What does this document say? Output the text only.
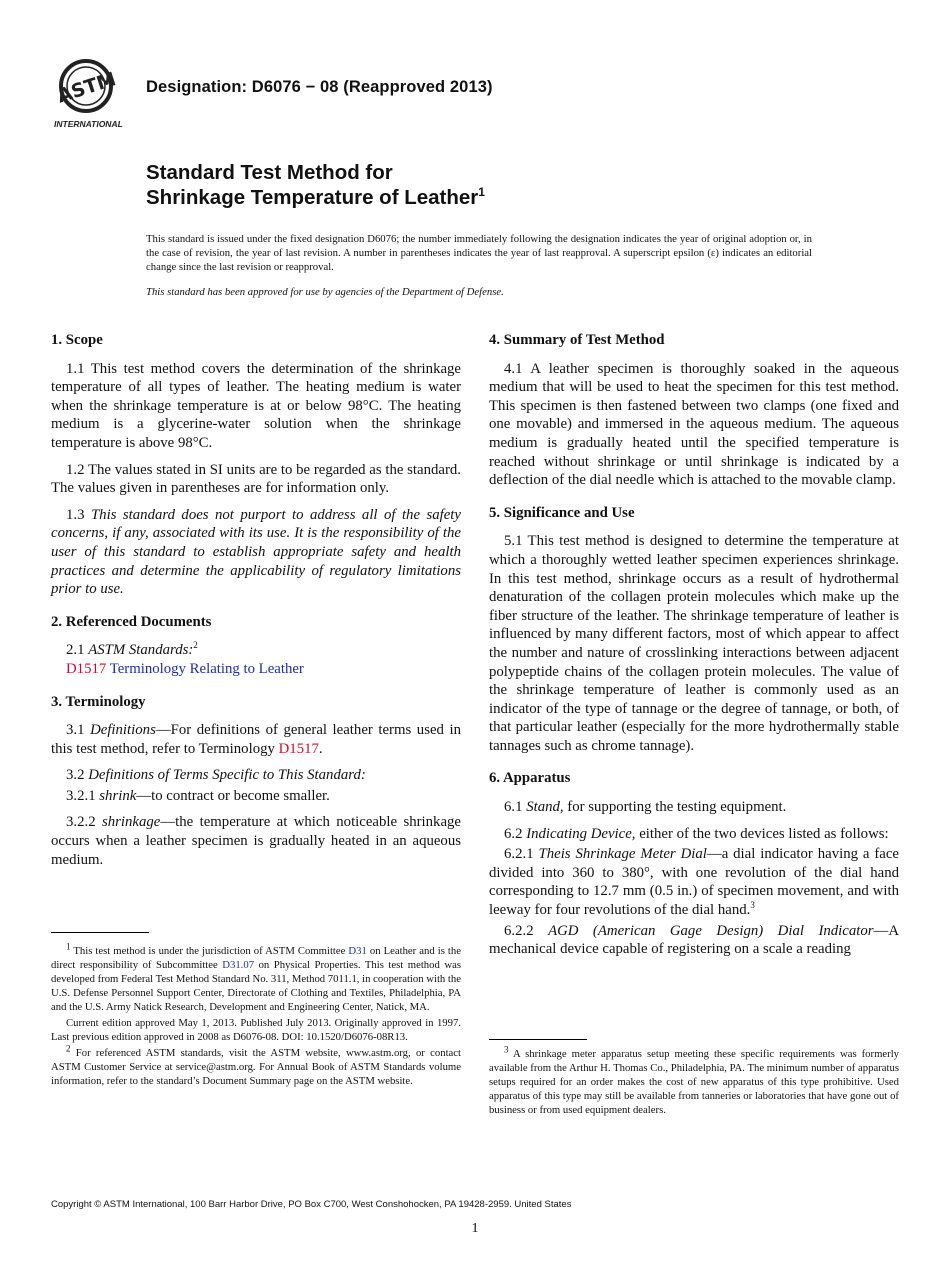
ASTM
INTERNATIONAL
Designation: D6076 − 08 (Reapproved 2013)
Standard Test Method for
Shrinkage Temperature of Leather$^1$
This standard is issued under the fixed designation D6076; the number immediately following the designation indicates the year of original adoption or, in the case of revision, the year of last revision. A number in parentheses indicates the year of last reapproval. A superscript epsilon (ε) indicates an editorial change since the last revision or reapproval.
This standard has been approved for use by agencies of the Department of Defense.
1. Scope

1.1 This test method covers the determination of the shrinkage temperature of all types of leather. The heating medium is water when the shrinkage temperature is at or below 98°C. The heating medium is a glycerine-water solution when the shrinkage temperature is above 98°C.

1.2 The values stated in SI units are to be regarded as the standard. The values given in parentheses are for information only.

1.3 This standard does not purport to address all of the safety concerns, if any, associated with its use. It is the responsibility of the user of this standard to establish appropriate safety and health practices and determine the applicability of regulatory limitations prior to use.

2. Referenced Documents

2.1 ASTM Standards:$^2$

D1517 Terminology Relating to Leather

3. Terminology

3.1 Definitions—For definitions of general leather terms used in this test method, refer to Terminology D1517.

3.2 Definitions of Terms Specific to This Standard:

3.2.1 shrink—to contract or become smaller.

3.2.2 shrinkage—the temperature at which noticeable shrinkage occurs when a leather specimen is gradually heated in an aqueous medium.

4. Summary of Test Method

4.1 A leather specimen is thoroughly soaked in the aqueous medium that will be used to heat the specimen for this test method. This specimen is then fastened between two clamps (one fixed and one movable) and immersed in the aqueous medium. The aqueous medium is gradually heated until the specified temperature is reached without shrinkage or until shrinkage is indicated by a deflection of the dial needle which is attached to the movable clamp.

5. Significance and Use

5.1 This test method is designed to determine the temperature at which a thoroughly wetted leather specimen experiences shrinkage. In this test method, shrinkage occurs as a result of hydrothermal denaturation of the collagen protein molecules which make up the fiber structure of the leather. The shrinkage temperature of leather is influenced by many different factors, most of which appear to affect the number and nature of crosslinking interactions between adjacent polypeptide chains of the collagen protein molecules. The value of the shrinkage temperature of leather is commonly used as an indicator of the type of tannage or the degree of tannage, or both, of that particular leather (especially for the more hydrothermally stable tannages such as chrome tannage).

6. Apparatus

6.1 Stand, for supporting the testing equipment.

6.2 Indicating Device, either of the two devices listed as follows:

6.2.1 Theis Shrinkage Meter Dial—a dial indicator having a face divided into 360 to 380°, with one revolution of the dial hand corresponding to 12.7 mm (0.5 in.) of specimen movement, and with leeway for four revolutions of the dial hand.$^3$

6.2.2 AGD (American Gage Design) Dial Indicator—A mechanical device capable of registering on a scale a reading

$^1$ This test method is under the jurisdiction of ASTM Committee D31 on Leather and is the direct responsibility of Subcommittee D31.07 on Physical Properties. This test method was developed from Federal Test Method Standard No. 311, Method 7011.1, in cooperation with the U.S. Defense Personnel Support Center, Directorate of Clothing and Textiles, Philadelphia, PA and the U.S. Army Natick Research, Development and Engineering Center, Natick, MA.

Current edition approved May 1, 2013. Published July 2013. Originally approved in 1997. Last previous edition approved in 2008 as D6076-08. DOI: 10.1520/D6076-08R13.

$^2$ For referenced ASTM standards, visit the ASTM website, www.astm.org, or contact ASTM Customer Service at service@astm.org. For Annual Book of ASTM Standards volume information, refer to the standard’s Document Summary page on the ASTM website.

$^3$ A shrinkage meter apparatus setup meeting these specific requirements was formerly available from the Arthur H. Thomas Co., Philadelphia, PA. The minimum number of apparatus setups required for an order makes the cost of new apparatus of this type prohibitive. Used apparatus of this type may still be available from tanneries or laboratories that have gone out of business or from used equipment dealers.

Copyright © ASTM International, 100 Barr Harbor Drive, PO Box C700, West Conshohocken, PA 19428-2959. United States
1
